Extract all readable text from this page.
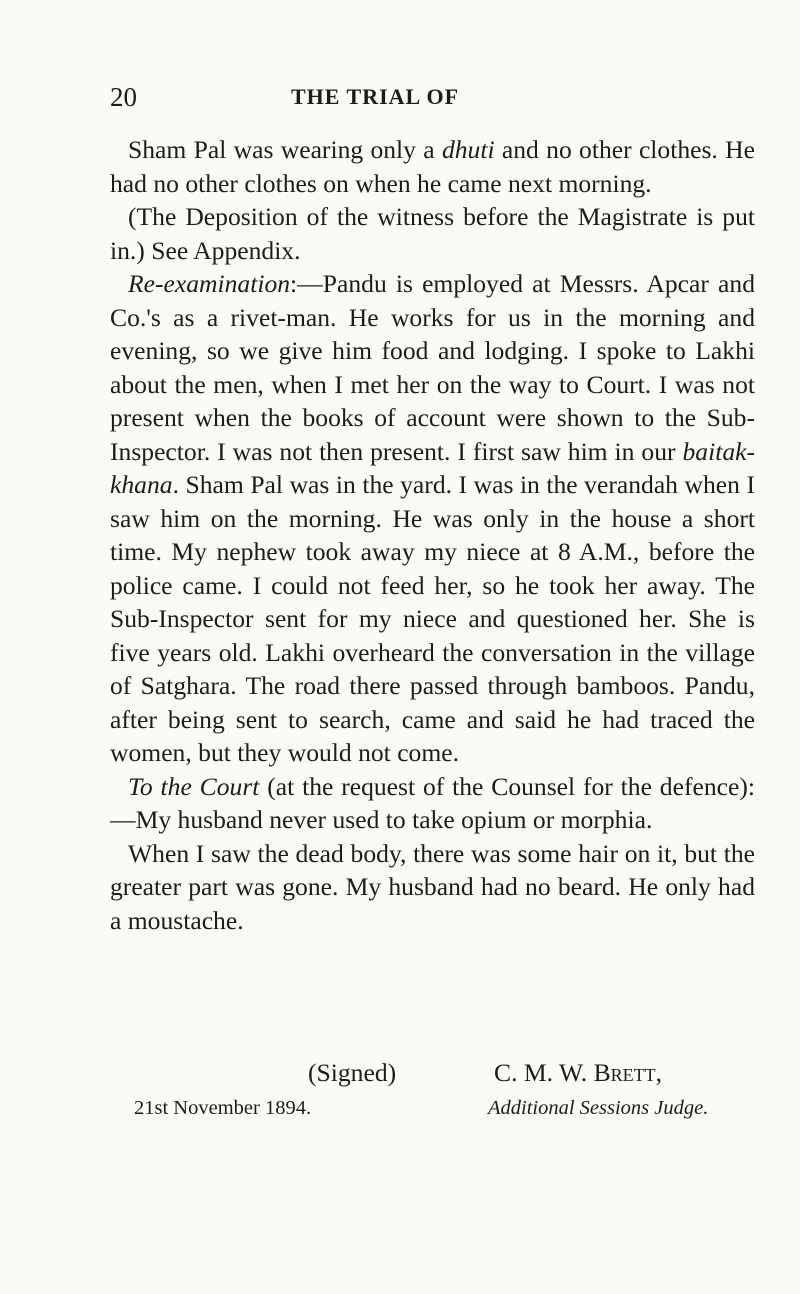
20	THE TRIAL OF

Sham Pal was wearing only a dhuti and no other clothes. He had no other clothes on when he came next morning.

(The Deposition of the witness before the Magistrate is put in.) See Appendix.

Re-examination:—Pandu is employed at Messrs. Apcar and Co.'s as a rivet-man. He works for us in the morning and evening, so we give him food and lodging. I spoke to Lakhi about the men, when I met her on the way to Court. I was not present when the books of account were shown to the Sub-Inspector. I was not then present. I first saw him in our baitak-khana. Sham Pal was in the yard. I was in the verandah when I saw him on the morning. He was only in the house a short time. My nephew took away my niece at 8 A.M., before the police came. I could not feed her, so he took her away. The Sub-Inspector sent for my niece and questioned her. She is five years old. Lakhi overheard the conversation in the village of Satghara. The road there passed through bamboos. Pandu, after being sent to search, came and said he had traced the women, but they would not come.

To the Court (at the request of the Counsel for the defence):—My husband never used to take opium or morphia.

When I saw the dead body, there was some hair on it, but the greater part was gone. My husband had no beard. He only had a moustache.

(Signed)	C. M. W. Brett,
21st November 1894.	Additional Sessions Judge.
